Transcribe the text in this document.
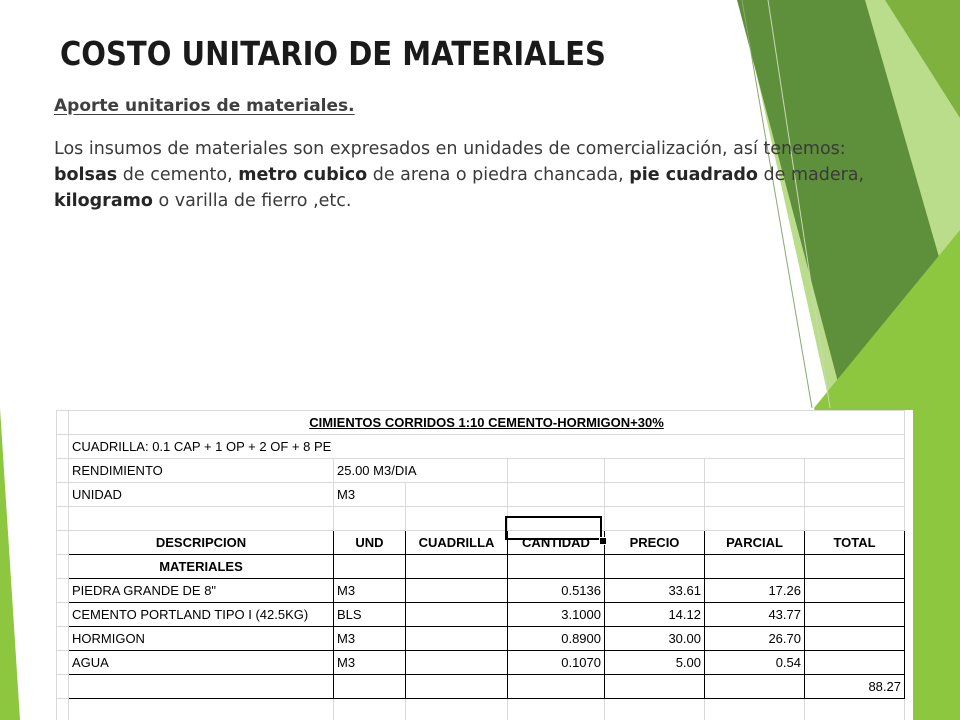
COSTO UNITARIO DE MATERIALES
Aporte unitarios de materiales.
Los insumos de materiales son expresados en unidades de comercialización, así tenemos: bolsas de cemento, metro cubico de arena o piedra chancada, pie cuadrado de madera, kilogramo o varilla de fierro ,etc.
	CIMIENTOS CORRIDOS 1:10 CEMENTO-HORMIGON+30%						
	CUADRILLA: 0.1 CAP + 1 OP + 2 OF + 8 PE						
	RENDIMIENTO	25.00 M3/DIA					
	UNIDAD	M3					

	DESCRIPCION	UND	CUADRILLA	CANTIDAD	PRECIO	PARCIAL	TOTAL
	MATERIALES						
	PIEDRA GRANDE DE 8"	M3		0.5136	33.61	17.26	
	CEMENTO PORTLAND TIPO I (42.5KG)	BLS		3.1000	14.12	43.77	
	HORMIGON	M3		0.8900	30.00	26.70	
	AGUA	M3		0.1070	5.00	0.54	
							88.27
